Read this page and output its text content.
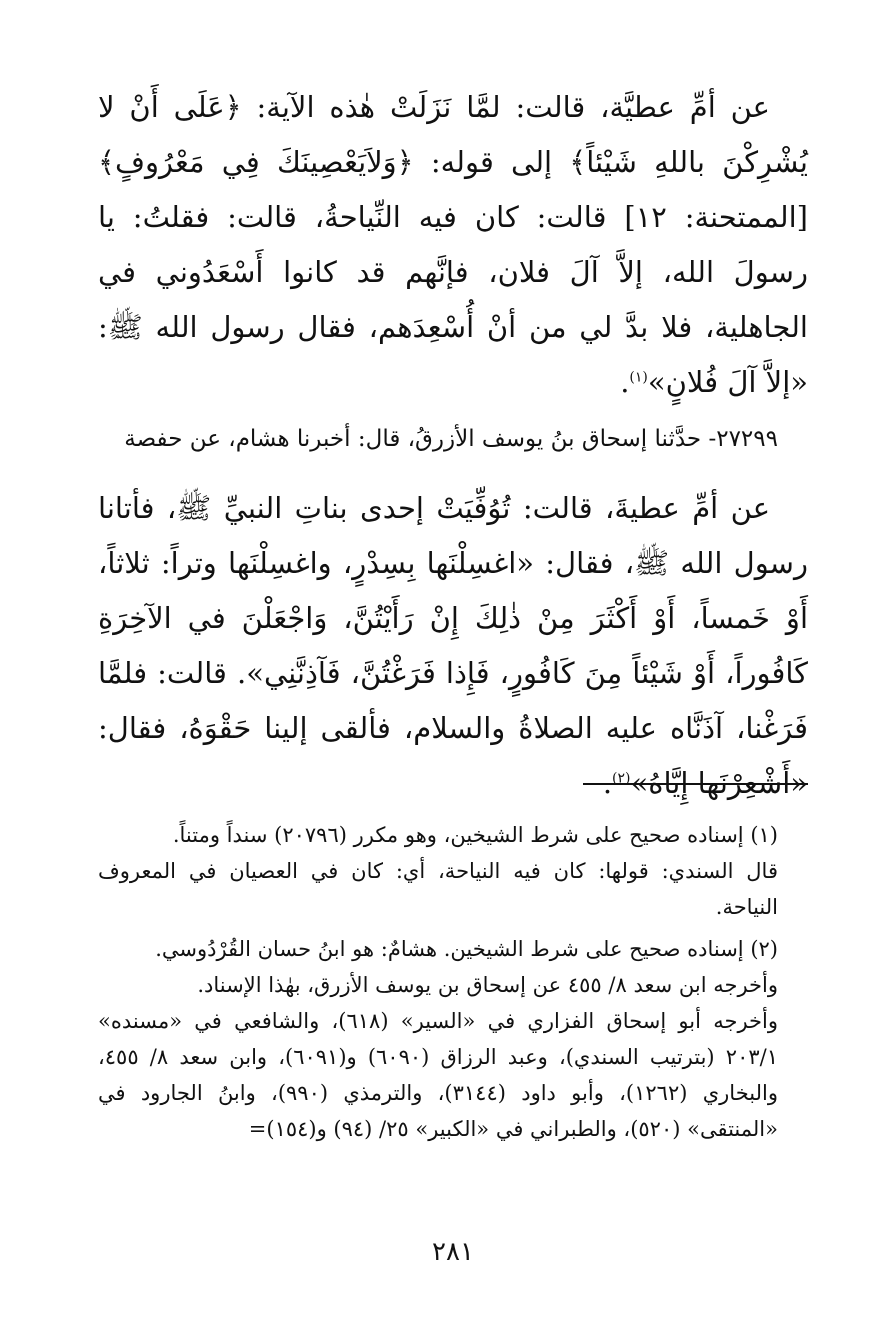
عن أمِّ عطيَّة، قالت: لمَّا نَزَلَتْ هٰذه الآية: ﴿عَلَى أَنْ لا يُشْرِكْنَ باللهِ شَيْئاً﴾ إلى قوله: ﴿وَلاَيَعْصِينَكَ فِي مَعْرُوفٍ﴾ [الممتحنة: ١٢] قالت: كان فيه النِّياحةُ، قالت: فقلتُ: يا رسولَ الله، إلاَّ آلَ فلان، فإنَّهم قد كانوا أَسْعَدُوني في الجاهلية، فلا بدَّ لي من أنْ أُسْعِدَهم، فقال رسول الله ﷺ: «إلاَّ آلَ فُلانٍ»$^{(١)}$.

٢٧٢٩٩- حدَّثنا إسحاق بنُ يوسف الأزرقُ، قال: أخبرنا هشام، عن حفصة

عن أمِّ عطيةَ، قالت: تُوُفِّيَتْ إحدى بناتِ النبيِّ ﷺ، فأتانا رسول الله ﷺ، فقال: «اغسِلْنَها بِسِدْرٍ، واغسِلْنَها وتراً: ثلاثاً، أَوْ خَمساً، أَوْ أَكْثَرَ مِنْ ذٰلِكَ إِنْ رَأَيْتُنَّ، وَاجْعَلْنَ في الآخِرَةِ كَافُوراً، أَوْ شَيْئاً مِنَ كَافُورٍ، فَإِذا فَرَغْتُنَّ، فَآذِنَّنِي». قالت: فلمَّا فَرَغْنا، آذَنَّاه عليه الصلاةُ والسلام، فألقى إلينا حَقْوَهُ، فقال: «أَشْعِرْنَها إِيَّاهُ»$^{(٢)}$.

(١) إسناده صحيح على شرط الشيخين، وهو مكرر (٢٠٧٩٦) سنداً ومتناً.

قال السندي: قولها: كان فيه النياحة، أي: كان في العصيان في المعروف النياحة.

(٢) إسناده صحيح على شرط الشيخين. هشامٌ: هو ابنُ حسان القُرْدُوسي.

وأخرجه ابن سعد ٨/ ٤٥٥ عن إسحاق بن يوسف الأزرق، بهٰذا الإسناد.

وأخرجه أبو إسحاق الفزاري في «السير» (٦١٨)، والشافعي في «مسنده» ٢٠٣/١ (بترتيب السندي)، وعبد الرزاق (٦٠٩٠) و(٦٠٩١)، وابن سعد ٨/ ٤٥٥، والبخاري (١٢٦٢)، وأبو داود (٣١٤٤)، والترمذي (٩٩٠)، وابنُ الجارود في «المنتقى» (٥٢٠)، والطبراني في «الكبير» ٢٥/ (٩٤) و(١٥٤)=

٢٨١
